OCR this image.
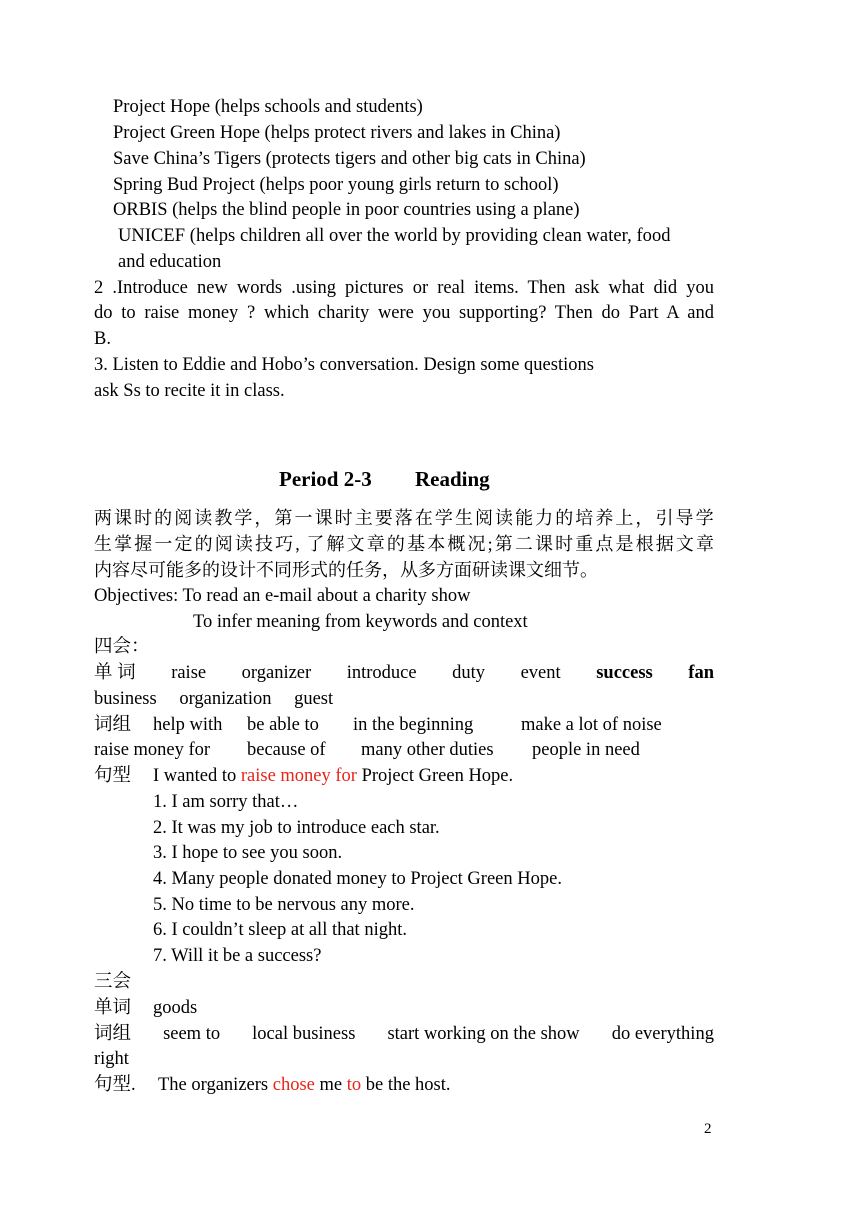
Project Hope (helps schools and students)
Project Green Hope (helps protect rivers and lakes in China)
Save China’s Tigers (protects tigers and other big cats in China)
Spring Bud Project (helps poor young girls return to school)
ORBIS (helps the blind people in poor countries using a plane)
UNICEF (helps children all over the world by providing clean water, food
and education
2 .Introduce new words .using pictures or real items. Then ask what did you
do to raise money ? which charity were you supporting? Then do Part A and
B.
3. Listen to Eddie and Hobo’s conversation. Design some questions
ask Ss to recite it in class.
Period 2-3 Reading
两课时的阅读教学，第一课时主要落在学生阅读能力的培养上，引导学
生掌握一定的阅读技巧, 了解文章的基本概况;第二课时重点是根据文章
内容尽可能多的设计不同形式的任务，从多方面研读课文细节。
Objectives: To read an e-mail about a charity show
To infer meaning from keywords and context
四会：
单 词 raise organizer introduce duty event success fan
business organization guest
词组 help with be able to in the beginning	make a lot of noise
raise money for because of many other duties people in need
句型 I wanted to raise money for Project Green Hope.
1. I am sorry that…
2. It was my job to introduce each star.
3. I hope to see you soon.
4. Many people donated money to Project Green Hope.
5. No time to be nervous any more.
6. I couldn’t sleep at all that night.
7. Will it be a success?
三会
单词 goods
词组 seem to local business start working on the show do everything
right
句型. The organizers chose me to be the host.
2
